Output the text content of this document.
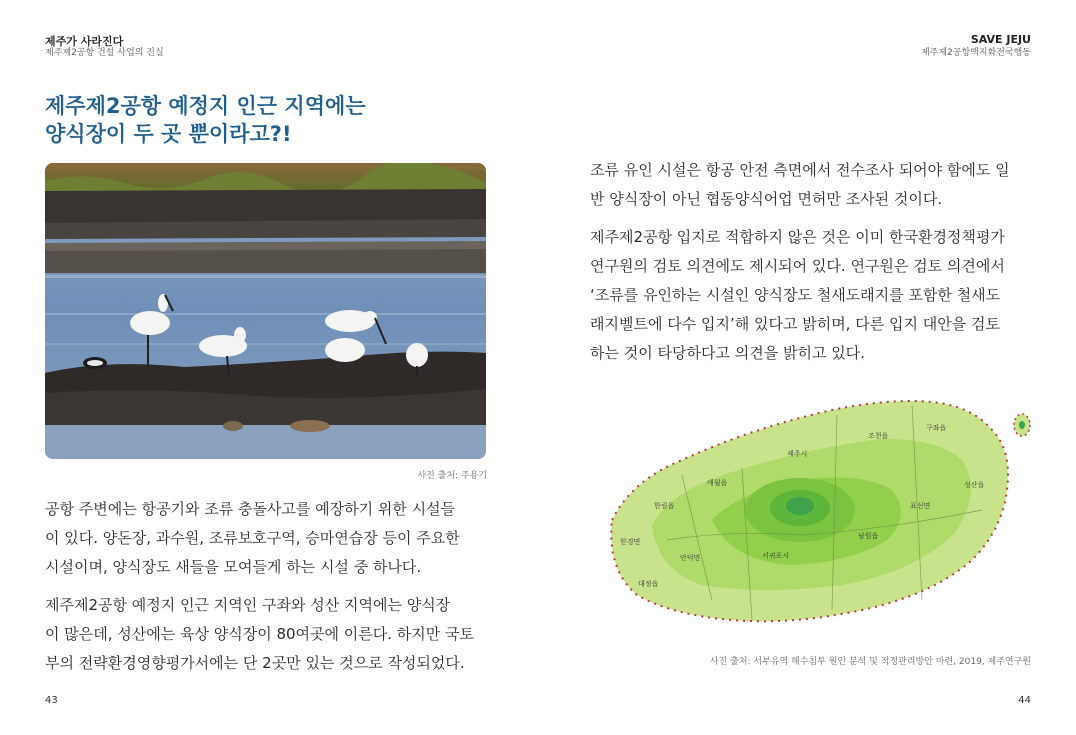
제주가 사라진다
제주제2공항 건설 사업의 진실
SAVE JEJU
제주제2공항백지화전국행동
제주제2공항 예정지 인근 지역에는
양식장이 두 곳 뿐이라고?!
사진 출처: 주용기

공항 주변에는 항공기와 조류 충돌사고를 예장하기 위한 시설들
이 있다. 양돈장, 과수원, 조류보호구역, 승마연습장 등이 주요한
시설이며, 양식장도 새들을 모여들게 하는 시설 중 하나다.

제주제2공항 예정지 인근 지역인 구좌와 성산 지역에는 양식장
이 많은데, 성산에는 육상 양식장이 80여곳에 이른다. 하지만 국토
부의 전략환경영향평가서에는 단 2곳만 있는 것으로 작성되었다.

조류 유인 시설은 항공 안전 측면에서 전수조사 되어야 함에도 일
반 양식장이 아닌 협동양식어업 면허만 조사된 것이다.

제주제2공항 입지로 적합하지 않은 것은 이미 한국환경정책평가
연구원의 검토 의견에도 제시되어 있다. 연구원은 검토 의견에서
‘조류를 유인하는 시설인 양식장도 철새도래지를 포함한 철새도
래지벨트에 다수 입지’해 있다고 밝히며, 다른 입지 대안을 검토
하는 것이 타당하다고 의견을 밝히고 있다.

구좌읍
조천읍
제주시
성산읍
애월읍
한림읍	표선면
한경면
남원읍
안덕면	서귀포시
대정읍
사진 출처: 서부유역 해수침투 원인 분석 및 적정관리방안 마련, 2019, 제주연구원
43	44
